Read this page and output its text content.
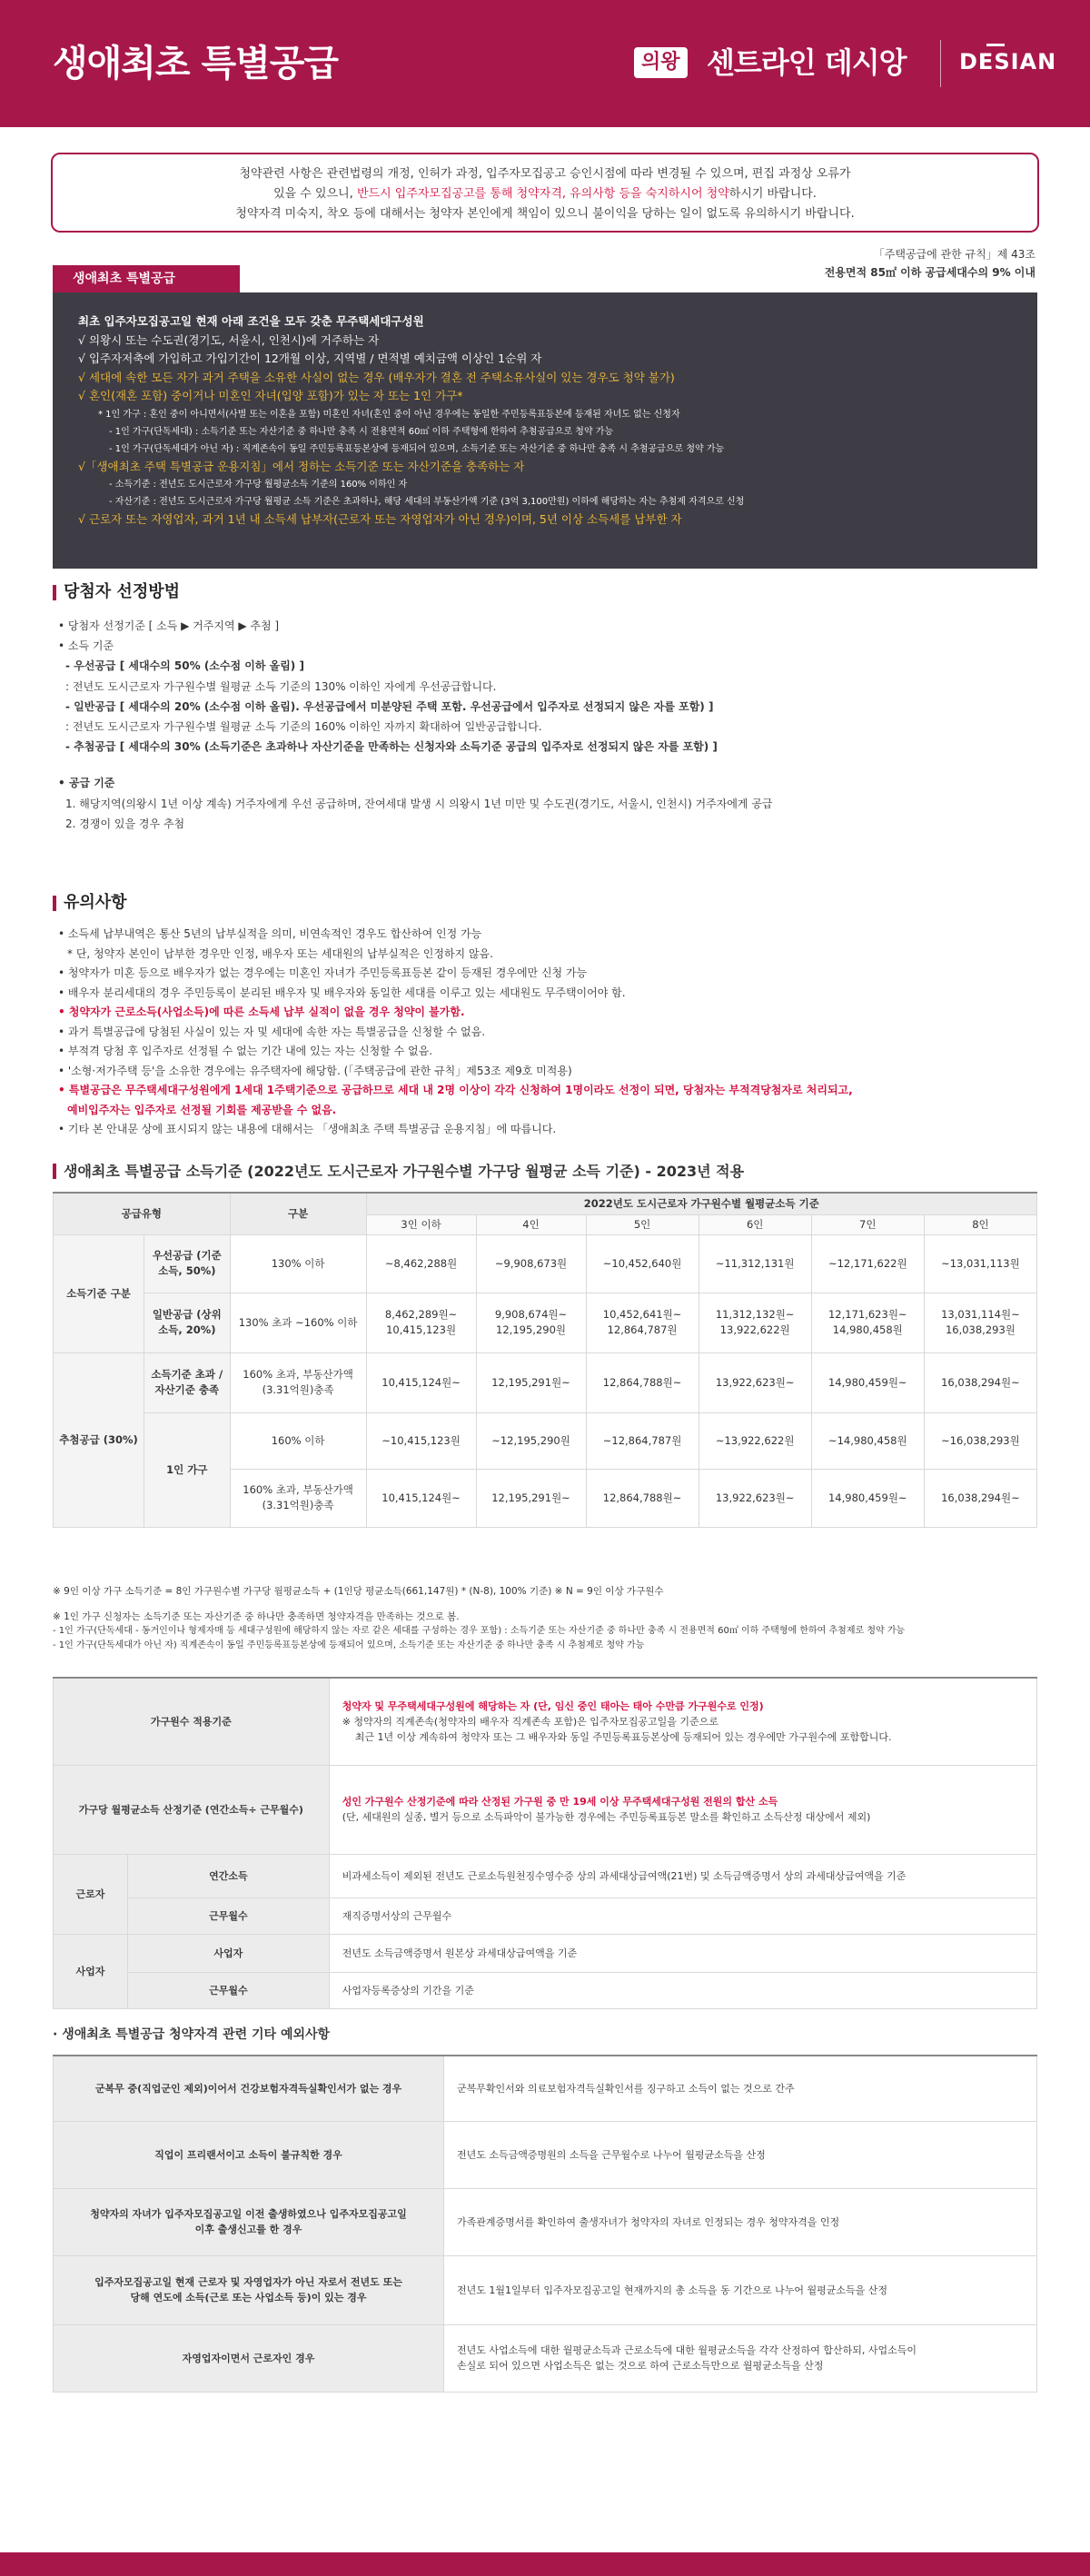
생애최초 특별공급	의왕 센트라인 데시앙 DESIAN

청약관련 사항은 관련법령의 개정, 인허가 과정, 입주자모집공고 승인시점에 따라 변경될 수 있으며, 편집 과정상 오류가

있을 수 있으니, 반드시 입주자모집공고를 통해 청약자격, 유의사항 등을 숙지하시어 청약하시기 바랍니다.

청약자격 미숙지, 착오 등에 대해서는 청약자 본인에게 책임이 있으니 불이익을 당하는 일이 없도록 유의하시기 바랍니다.

생애최초 특별공급
「주택공급에 관한 규칙」제 43조
전용면적 85㎡ 이하 공급세대수의 9% 이내
최초 입주자모집공고일 현재 아래 조건을 모두 갖춘 무주택세대구성원
√ 의왕시 또는 수도권(경기도, 서울시, 인천시)에 거주하는 자
√ 입주자저축에 가입하고 가입기간이 12개월 이상, 지역별 / 면적별 예치금액 이상인 1순위 자
√ 세대에 속한 모든 자가 과거 주택을 소유한 사실이 없는 경우 (배우자가 결혼 전 주택소유사실이 있는 경우도 청약 불가)
√ 혼인(재혼 포함) 중이거나 미혼인 자녀(입양 포함)가 있는 자 또는 1인 가구*
* 1인 가구 : 혼인 중이 아니면서(사별 또는 이혼을 포함) 미혼인 자녀(혼인 중이 아닌 경우에는 동일한 주민등록표등본에 등재된 자녀도 없는 신청자
- 1인 가구(단독세대) : 소득기준 또는 자산기준 중 하나만 충족 시 전용면적 60㎡ 이하 주택형에 한하여 추첨공급으로 청약 가능
- 1인 가구(단독세대가 아닌 자) : 직계존속이 동일 주민등록표등본상에 등재되어 있으며, 소득기준 또는 자산기준 중 하나만 충족 시 추첨공급으로 청약 가능
√「생애최초 주택 특별공급 운용지침」에서 정하는 소득기준 또는 자산기준을 충족하는 자
- 소득기준 : 전년도 도시근로자 가구당 월평균소득 기준의 160% 이하인 자
- 자산기준 : 전년도 도시근로자 가구당 월평균 소득 기준은 초과하나, 해당 세대의 부동산가액 기준 (3억 3,100만원) 이하에 해당하는 자는 추첨제 자격으로 신청
√ 근로자 또는 자영업자, 과거 1년 내 소득세 납부자(근로자 또는 자영업자가 아닌 경우)이며, 5년 이상 소득세를 납부한 자
당첨자 선정방법
• 당첨자 선정기준 [ 소득 ▶ 거주지역 ▶ 추첨 ]
• 소득 기준
- 우선공급 [ 세대수의 50% (소수점 이하 올림) ]
: 전년도 도시근로자 가구원수별 월평균 소득 기준의 130% 이하인 자에게 우선공급합니다.
- 일반공급 [ 세대수의 20% (소수점 이하 올림). 우선공급에서 미분양된 주택 포함. 우선공급에서 입주자로 선정되지 않은 자를 포함) ]
: 전년도 도시근로자 가구원수별 월평균 소득 기준의 160% 이하인 자까지 확대하여 일반공급합니다.
- 추첨공급 [ 세대수의 30% (소득기준은 초과하나 자산기준을 만족하는 신청자와 소득기준 공급의 입주자로 선정되지 않은 자를 포함) ]
• 공급 기준
1. 해당지역(의왕시 1년 이상 계속) 거주자에게 우선 공급하며, 잔여세대 발생 시 의왕시 1년 미만 및 수도권(경기도, 서울시, 인천시) 거주자에게 공급
2. 경쟁이 있을 경우 추첨
유의사항
• 소득세 납부내역은 통산 5년의 납부실적을 의미, 비연속적인 경우도 합산하여 인정 가능
* 단, 청약자 본인이 납부한 경우만 인정, 배우자 또는 세대원의 납부실적은 인정하지 않음.
• 청약자가 미혼 등으로 배우자가 없는 경우에는 미혼인 자녀가 주민등록표등본 같이 등재된 경우에만 신청 가능
• 배우자 분리세대의 경우 주민등록이 분리된 배우자 및 배우자와 동일한 세대를 이루고 있는 세대원도 무주택이어야 함.
• 청약자가 근로소득(사업소득)에 따른 소득세 납부 실적이 없을 경우 청약이 불가함.
• 과거 특별공급에 당첨된 사실이 있는 자 및 세대에 속한 자는 특별공급을 신청할 수 없음.
• 부적격 당첨 후 입주자로 선정될 수 없는 기간 내에 있는 자는 신청할 수 없음.
• '소형·저가주택 등'을 소유한 경우에는 유주택자에 해당함. (「주택공급에 관한 규칙」제53조 제9호 미적용)
• 특별공급은 무주택세대구성원에게 1세대 1주택기준으로 공급하므로 세대 내 2명 이상이 각각 신청하여 1명이라도 선정이 되면, 당첨자는 부적격당첨자로 처리되고,
예비입주자는 입주자로 선정될 기회를 제공받을 수 없음.
• 기타 본 안내문 상에 표시되지 않는 내용에 대해서는 「생애최초 주택 특별공급 운용지침」에 따릅니다.
생애최초 특별공급 소득기준 (2022년도 도시근로자 가구원수별 가구당 월평균 소득 기준) - 2023년 적용
공급유형		구분	2022년도 도시근로자 가구원수별 월평균소득 기준					
			3인 이하	4인	5인	6인	7인	8인
소득기준 구분	우선공급 (기준소득, 50%)	130% 이하	~8,462,288원	~9,908,673원	~10,452,640원	~11,312,131원	~12,171,622원	~13,031,113원
	일반공급 (상위소득, 20%)	130% 초과 ~160% 이하	8,462,289원~ 10,415,123원	9,908,674원~ 12,195,290원	10,452,641원~ 12,864,787원	11,312,132원~ 13,922,622원	12,171,623원~ 14,980,458원	13,031,114원~ 16,038,293원
추첨공급 (30%)	소득기준 초과 / 자산기준 충족	160% 초과, 부동산가액(3.31억원)충족	10,415,124원~	12,195,291원~	12,864,788원~	13,922,623원~	14,980,459원~	16,038,294원~
	1인 가구	160% 이하	~10,415,123원	~12,195,290원	~12,864,787원	~13,922,622원	~14,980,458원	~16,038,293원
		160% 초과, 부동산가액(3.31억원)충족	10,415,124원~	12,195,291원~	12,864,788원~	13,922,623원~	14,980,459원~	16,038,294원~
※ 9인 이상 가구 소득기준 = 8인 가구원수별 가구당 월평균소득 + (1인당 평균소득(661,147원) * (N-8), 100% 기준) ※ N = 9인 이상 가구원수
※ 1인 가구 신청자는 소득기준 또는 자산기준 중 하나만 충족하면 청약자격을 만족하는 것으로 봄.
- 1인 가구(단독세대 - 동거인이나 형제자매 등 세대구성원에 해당하지 않는 자로 같은 세대를 구성하는 경우 포함) : 소득기준 또는 자산기준 중 하나만 충족 시 전용면적 60㎡ 이하 주택형에 한하여 추첨제로 청약 가능
- 1인 가구(단독세대가 아닌 자) 직계존속이 동일 주민등록표등본상에 등재되어 있으며, 소득기준 또는 자산기준 중 하나만 충족 시 추첨제로 청약 가능
가구원수 적용기준		청약자 및 무주택세대구성원에 해당하는 자 (단, 임신 중인 태아는 태아 수만큼 가구원수로 인정)
※ 청약자의 직계존속(청약자의 배우자 직계존속 포함)은 입주자모집공고일을 기준으로
최근 1년 이상 계속하여 청약자 또는 그 배우자와 동일 주민등록표등본상에 등재되어 있는 경우에만 가구원수에 포함합니다.

가구당 월평균소득 산정기준 (연간소득÷ 근무월수)		성인 가구원수 산정기준에 따라 산정된 가구원 중 만 19세 이상 무주택세대구성원 전원의 합산 소득
(단, 세대원의 실종, 별거 등으로 소득파악이 불가능한 경우에는 주민등록표등본 말소를 확인하고 소득산정 대상에서 제외)

근로자	연간소득	비과세소득이 제외된 전년도 근로소득원천징수영수증 상의 과세대상급여액(21번) 및 소득금액증명서 상의 과세대상급여액을 기준
	근무월수	재직증명서상의 근무월수
사업자	사업자	전년도 소득금액증명서 원본상 과세대상급여액을 기준
	근무월수	사업자등록증상의 기간을 기준
· 생애최초 특별공급 청약자격 관련 기타 예외사항
군복무 중(직업군인 제외)이어서 건강보험자격득실확인서가 없는 경우	군복무확인서와 의료보험자격득실확인서를 징구하고 소득이 없는 것으로 간주
직업이 프리랜서이고 소득이 불규칙한 경우	전년도 소득금액증명원의 소득을 근무월수로 나누어 월평균소득을 산정
청약자의 자녀가 입주자모집공고일 이전 출생하였으나 입주자모집공고일 이후 출생신고를 한 경우	가족관계증명서를 확인하여 출생자녀가 청약자의 자녀로 인정되는 경우 청약자격을 인정
입주자모집공고일 현재 근로자 및 자영업자가 아닌 자로서 전년도 또는 당해 연도에 소득(근로 또는 사업소득 등)이 있는 경우	전년도 1월1일부터 입주자모집공고일 현재까지의 총 소득을 동 기간으로 나누어 월평균소득을 산정
자영업자이면서 근로자인 경우	전년도 사업소득에 대한 월평균소득과 근로소득에 대한 월평균소득을 각각 산정하여 합산하되, 사업소득이 손실로 되어 있으면 사업소득은 없는 것으로 하여 근로소득만으로 월평균소득을 산정
